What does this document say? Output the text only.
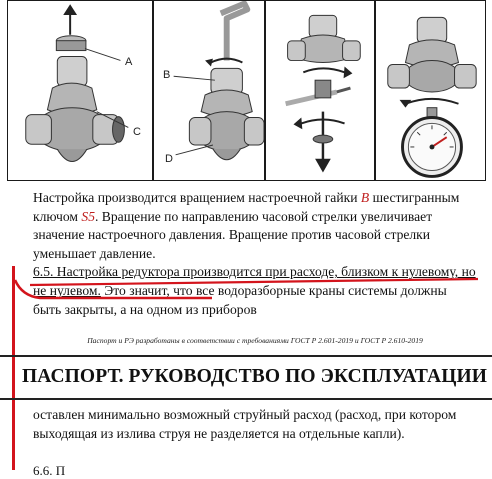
A
C
B
D
Настройка производится вращением настроечной гайки B шестигранным ключом S5. Вращение по направлению часовой стрелки увеличивает значение настроечного давления. Вращение против часовой стрелки уменьшает давление.
6.5. Настройка редуктора производится при расходе, близком к нулевому, но не нулевом. Это значит, что все водоразборные краны системы должны быть закрыты, а на одном из приборов
Паспорт и РЭ разработаны в соответствии с требованиями ГОСТ Р 2.601-2019 и ГОСТ Р 2.610-2019
ПАСПОРТ. РУКОВОДСТВО ПО ЭКСПЛУАТАЦИИ
оставлен минимально возможный струйный расход (расход, при котором выходящая из излива струя не разделяется на отдельные капли).
6.6. П
